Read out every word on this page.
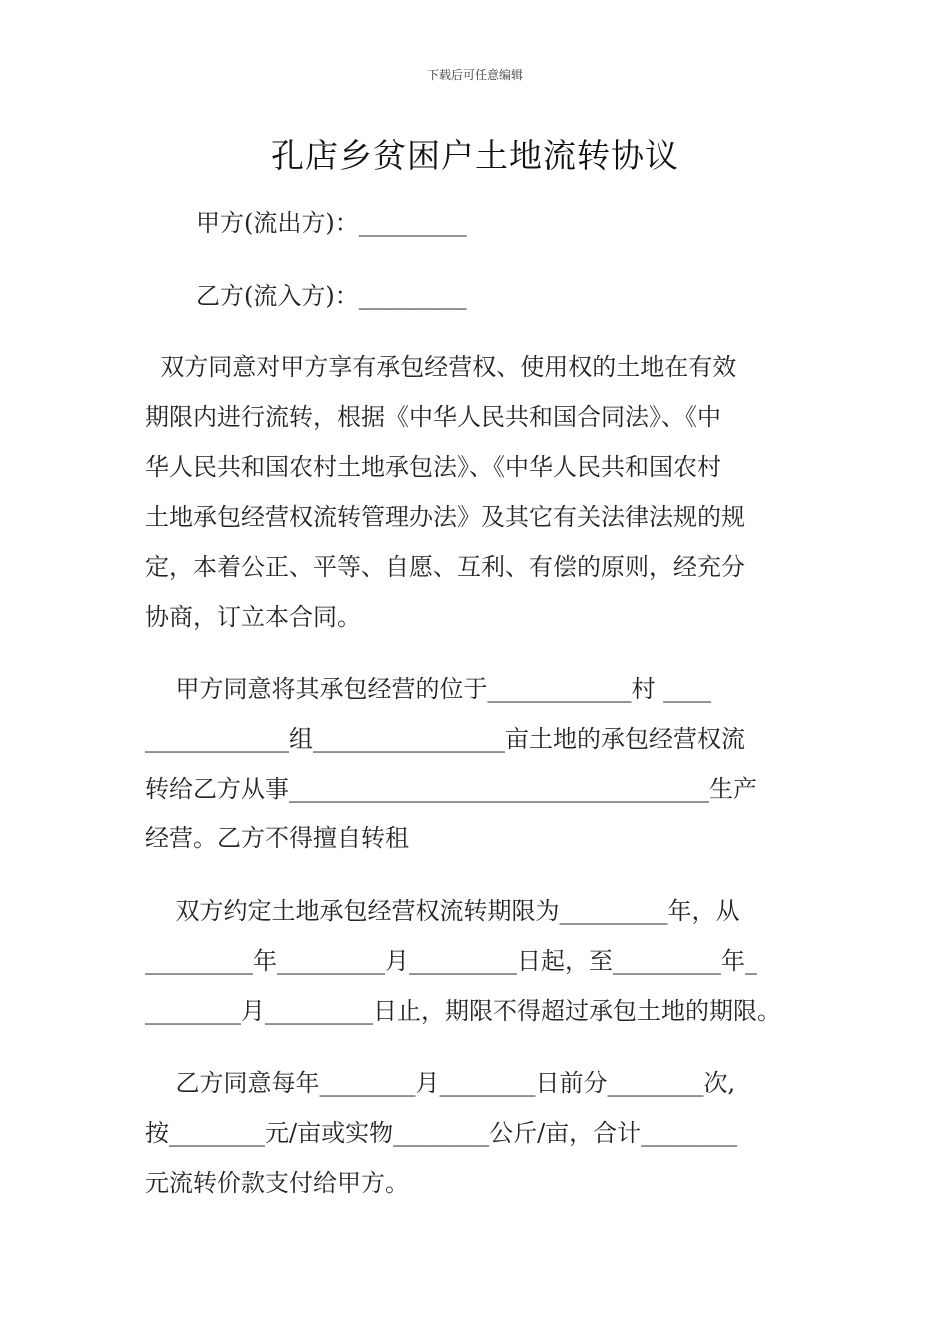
下载后可任意编辑
孔店乡贫困户土地流转协议
甲方(流出方)：_________
乙方(流入方)：_________
双方同意对甲方享有承包经营权、使用权的土地在有效
期限内进行流转，根据《中华人民共和国合同法》、《中
华人民共和国农村土地承包法》、《中华人民共和国农村
土地承包经营权流转管理办法》及其它有关法律法规的规
定，本着公正、平等、自愿、互利、有偿的原则，经充分
协商，订立本合同。
甲方同意将其承包经营的位于____________村 ____
____________组________________亩土地的承包经营权流
转给乙方从事___________________________________生产
经营。乙方不得擅自转租
双方约定土地承包经营权流转期限为_________年，从
_________年_________月_________日起，至_________年_
________月_________日止，期限不得超过承包土地的期限。
乙方同意每年________月________日前分________次,
按________元/亩或实物________公斤/亩，合计________
元流转价款支付给甲方。
